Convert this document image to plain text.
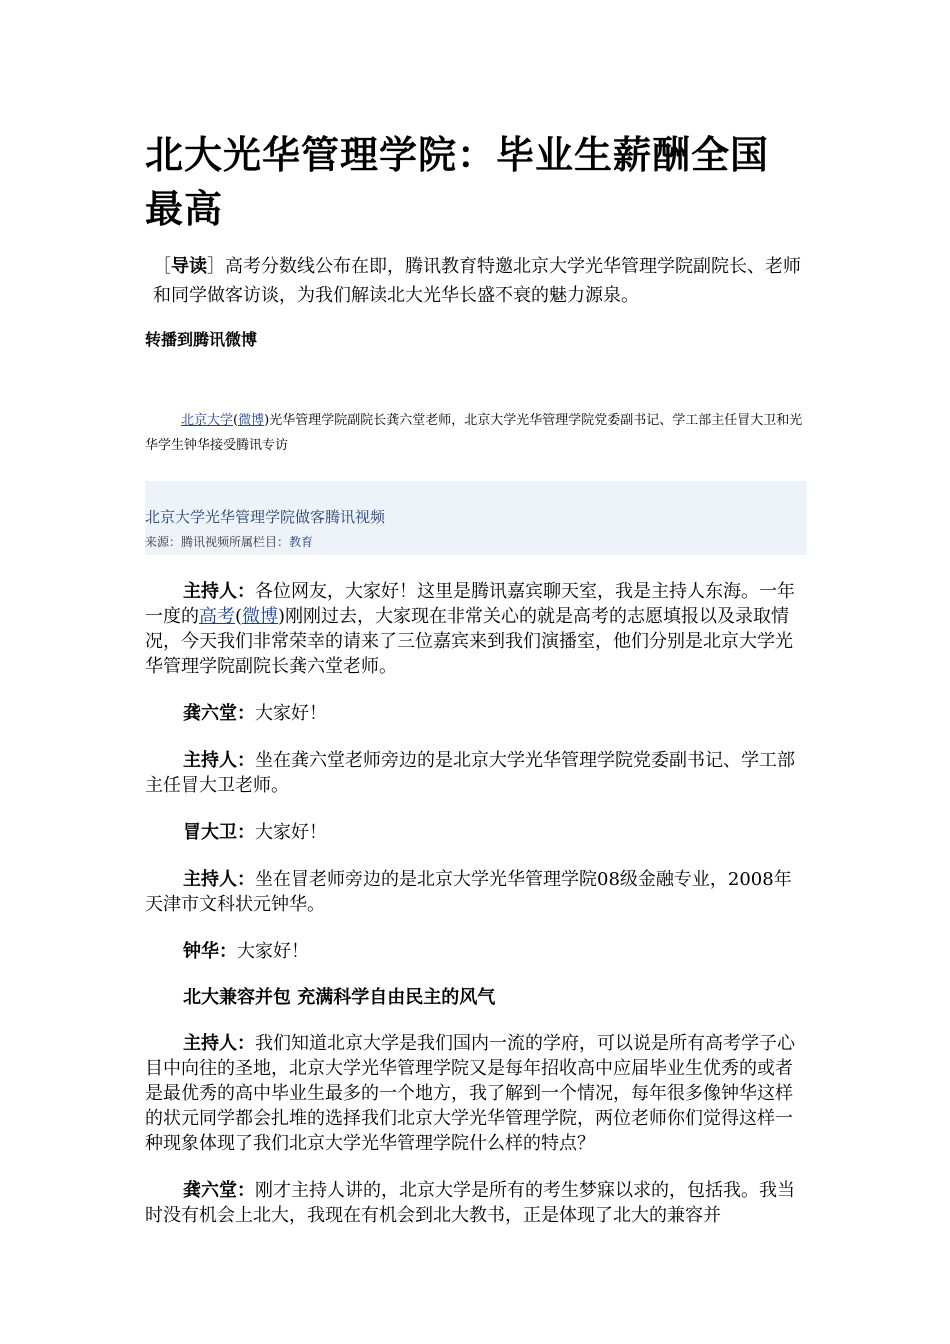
北大光华管理学院：毕业生薪酬全国最高

［导读］高考分数线公布在即，腾讯教育特邀北京大学光华管理学院副院长、老师和同学做客访谈，为我们解读北大光华长盛不衰的魅力源泉。

转播到腾讯微博

北京大学(微博)光华管理学院副院长龚六堂老师，北京大学光华管理学院党委副书记、学工部主任冒大卫和光华学生钟华接受腾讯专访

北京大学光华管理学院做客腾讯视频
来源：腾讯视频所属栏目：教育

主持人：各位网友，大家好！这里是腾讯嘉宾聊天室，我是主持人东海。一年一度的高考(微博)刚刚过去，大家现在非常关心的就是高考的志愿填报以及录取情况，今天我们非常荣幸的请来了三位嘉宾来到我们演播室，他们分别是北京大学光华管理学院副院长龚六堂老师。

龚六堂：大家好！

主持人：坐在龚六堂老师旁边的是北京大学光华管理学院党委副书记、学工部主任冒大卫老师。

冒大卫：大家好！

主持人：坐在冒老师旁边的是北京大学光华管理学院08级金融专业，2008年天津市文科状元钟华。

钟华：大家好！

北大兼容并包 充满科学自由民主的风气

主持人：我们知道北京大学是我们国内一流的学府，可以说是所有高考学子心目中向往的圣地，北京大学光华管理学院又是每年招收高中应届毕业生优秀的或者是最优秀的高中毕业生最多的一个地方，我了解到一个情况，每年很多像钟华这样的状元同学都会扎堆的选择我们北京大学光华管理学院，两位老师你们觉得这样一种现象体现了我们北京大学光华管理学院什么样的特点？

龚六堂：刚才主持人讲的，北京大学是所有的考生梦寐以求的，包括我。我当时没有机会上北大，我现在有机会到北大教书，正是体现了北大的兼容并
